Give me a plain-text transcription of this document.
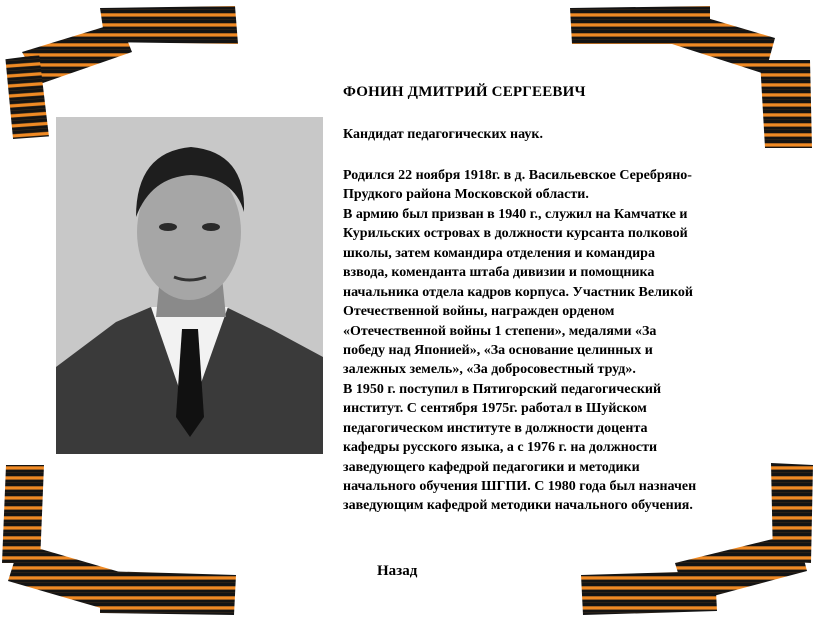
ФОНИН ДМИТРИЙ СЕРГЕЕВИЧ
Кандидат педагогических наук.
Родился 22 ноября 1918г. в д. Васильевское Серебряно-
Прудкого района Московской области.
В армию был призван в 1940 г., служил на Камчатке и
Курильских островах в должности курсанта полковой
школы, затем командира отделения и командира
взвода, коменданта штаба дивизии и помощника
начальника отдела кадров корпуса. Участник Великой
Отечественной войны, награжден орденом
«Отечественной войны 1 степени», медалями «За
победу над Японией», «За основание целинных и
залежных земель», «За добросовестный труд».
В 1950 г. поступил в Пятигорский педагогический
институт. С сентября 1975г. работал в Шуйском
педагогическом институте в должности доцента
кафедры русского языка, а с 1976 г. на должности
заведующего кафедрой педагогики и методики
начального обучения ШГПИ. С 1980 года был назначен
заведующим кафедрой методики начального обучения.
Назад
